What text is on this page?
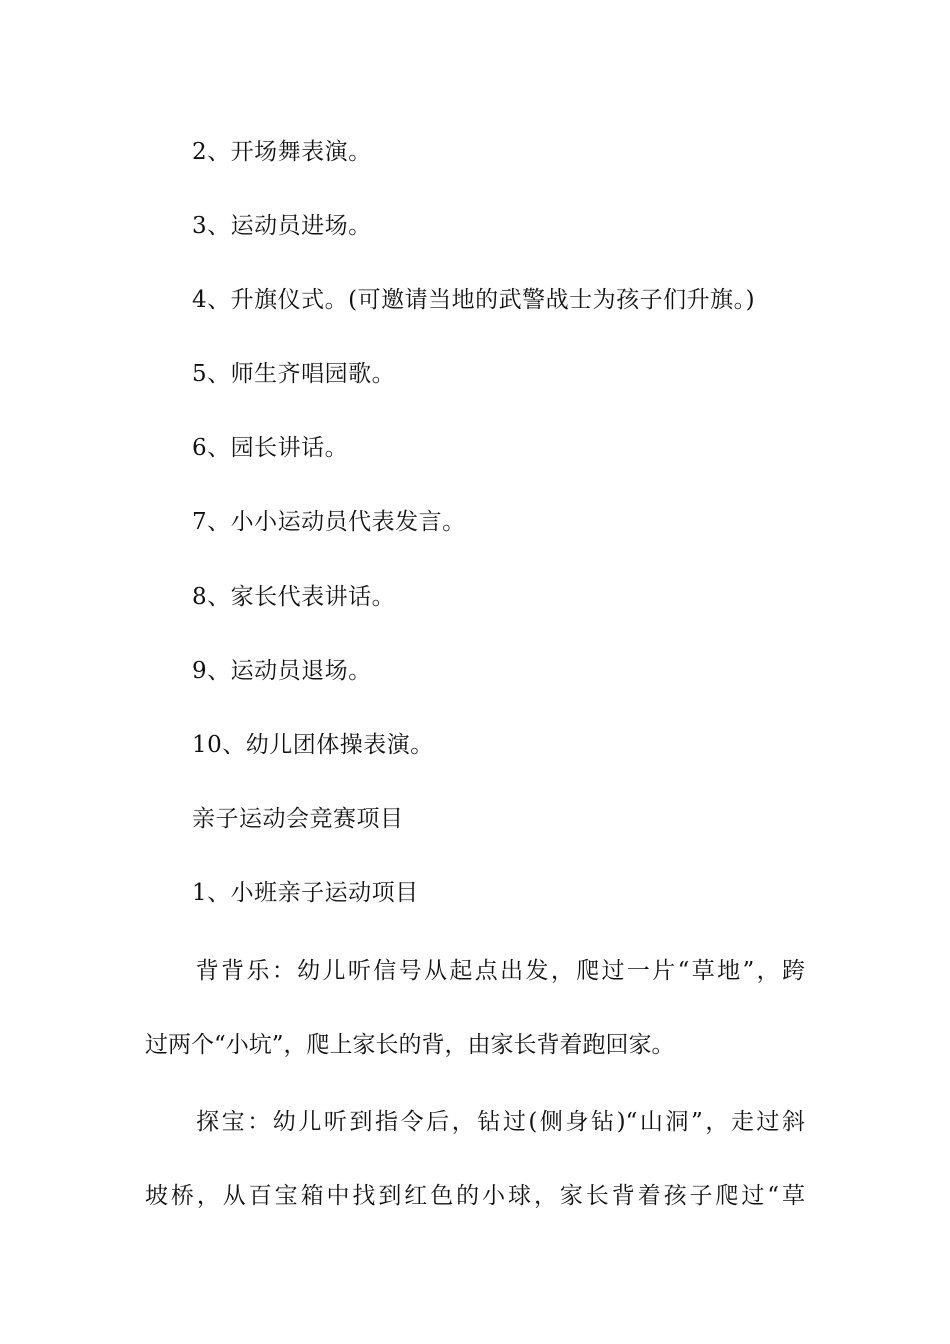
2、开场舞表演。
3、运动员进场。
4、升旗仪式。(可邀请当地的武警战士为孩子们升旗。)
5、师生齐唱园歌。
6、园长讲话。
7、小小运动员代表发言。
8、家长代表讲话。
9、运动员退场。
10、幼儿团体操表演。
亲子运动会竞赛项目
1、小班亲子运动项目
　　背背乐：幼儿听信号从起点出发，爬过一片“草地”，跨
过两个“小坑”，爬上家长的背，由家长背着跑回家。
　　探宝：幼儿听到指令后，钻过(侧身钻)“山洞”，走过斜
坡桥，从百宝箱中找到红色的小球，家长背着孩子爬过“草
